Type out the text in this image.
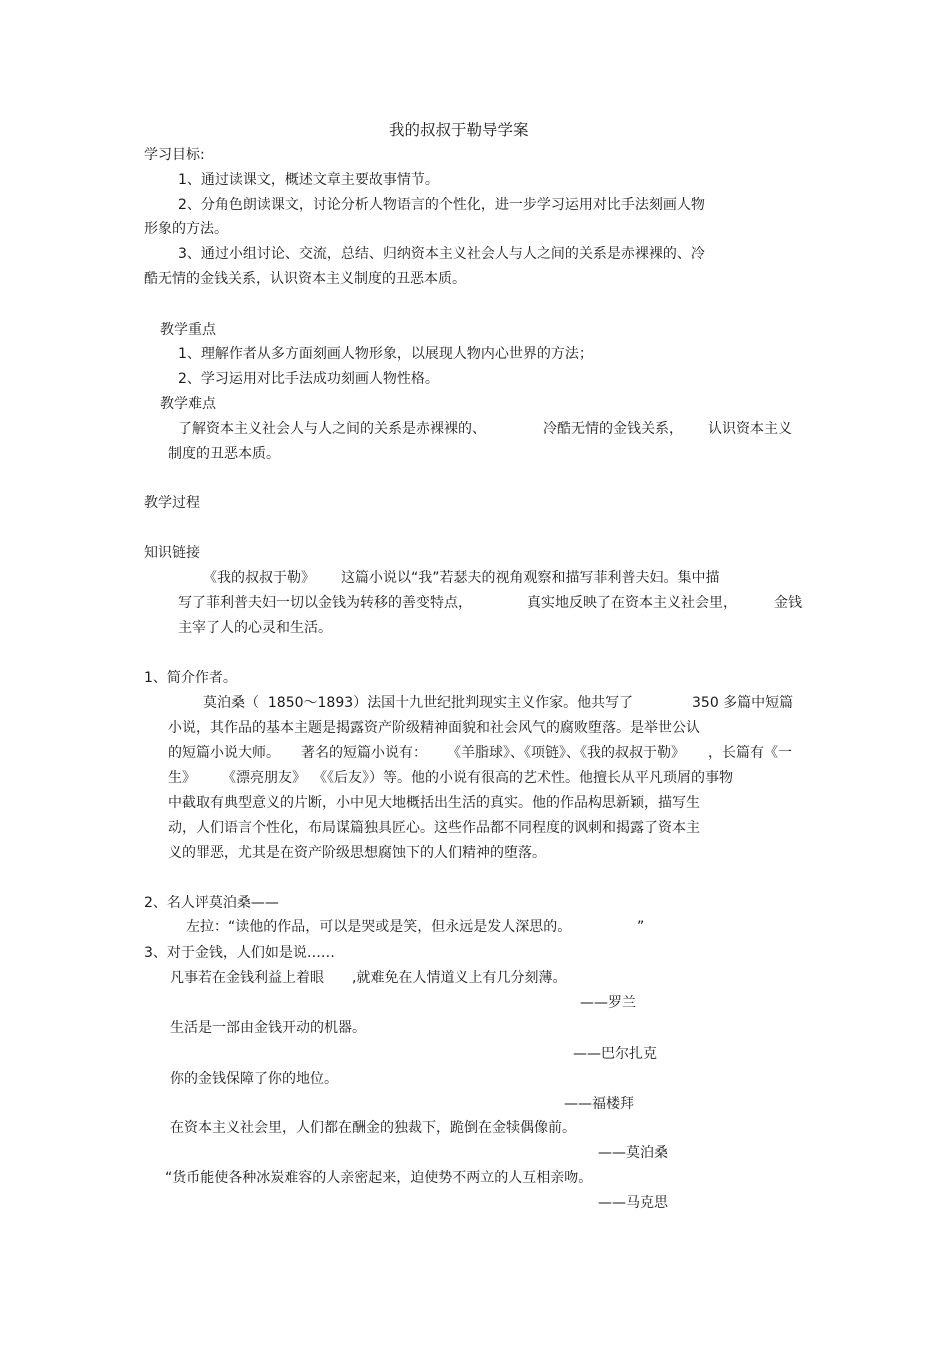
我的叔叔于勒导学案

学习目标:

1、通过读课文，概述文章主要故事情节。

2、分角色朗读课文，讨论分析人物语言的个性化，进一步学习运用对比手法刻画人物

形象的方法。

3、通过小组讨论、交流，总结、归纳资本主义社会人与人之间的关系是赤裸裸的、冷

酷无情的金钱关系，认识资本主义制度的丑恶本质。

教学重点

1、理解作者从多方面刻画人物形象，以展现人物内心世界的方法；

2、学习运用对比手法成功刻画人物性格。

教学难点

了解资本主义社会人与人之间的关系是赤裸裸的、	冷酷无情的金钱关系， 认识资本主义

制度的丑恶本质。

教学过程

知识链接

《我的叔叔于勒》 这篇小说以“我”若瑟夫的视角观察和描写菲利普夫妇。集中描

写了菲利普夫妇一切以金钱为转移的善变特点，	真实地反映了在资本主义社会里，	金钱

主宰了人的心灵和生活。

1、简介作者。

莫泊桑（  1850～1893）法国十九世纪批判现实主义作家。他共写了	350 多篇中短篇

小说，其作品的基本主题是揭露资产阶级精神面貌和社会风气的腐败堕落。是举世公认

的短篇小说大师。 著名的短篇小说有： 《羊脂球》、《项链》、《我的叔叔于勒》 ，长篇有《一

生》 《漂亮朋友》 《《后友》）等。他的小说有很高的艺术性。他擅长从平凡琐屑的事物

中截取有典型意义的片断，小中见大地概括出生活的真实。他的作品构思新颖，描写生

动，人们语言个性化，布局谋篇独具匠心。这些作品都不同程度的讽刺和揭露了资本主

义的罪恶，尤其是在资产阶级思想腐蚀下的人们精神的堕落。

2、名人评莫泊桑——

左拉：“读他的作品，可以是哭或是笑，但永远是发人深思的。	”

3、对于金钱，人们如是说……

凡事若在金钱利益上着眼 ,就难免在人情道义上有几分刻薄。

——罗兰

生活是一部由金钱开动的机器。

——巴尔扎克

你的金钱保障了你的地位。

——福楼拜

在资本主义社会里，人们都在酬金的独裁下，跪倒在金犊偶像前。

——莫泊桑

“货币能使各种冰炭难容的人亲密起来，迫使势不两立的人互相亲吻。

——马克思
